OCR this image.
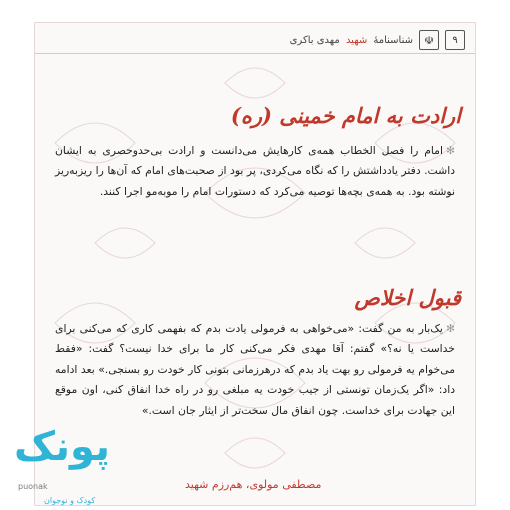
۹
☫
شناسنامهٔ شهید مهدی باکری
ارادت به امام خمینی (ره)
✻امام را فصل الخطاب همه‌ی کارهایش می‌دانست و ارادت بی‌حدوحصری به ایشان داشت. دفتر یادداشتش را که نگاه می‌کردی، پر بود از صحبت‌های امام که آن‌ها را ریزبه‌ریز نوشته بود. به همه‌ی بچه‌ها توصیه می‌کرد که دستورات امام را مو‌به‌مو اجرا کنند.
قبول اخلاص
✻یک‌بار به من گفت: «می‌خواهی به فرمولی یادت بدم که بفهمی کاری که می‌کنی برای خداست یا نه؟» گفتم: آقا مهدی فکر می‌کنی کار ما برای خدا نیست؟ گفت: «فقط می‌خوام یه فرمولی رو بهت یاد بدم که درهرزمانی بتونی کار خودت رو بسنجی.» بعد ادامه داد: «اگر یک‌زمان تونستی از جیب خودت یه مبلغی رو در راه خدا انفاق کنی، اون موقع این جهادت برای خداست. چون انفاق مال سخت‌تر از ایثار جان است.»
مصطفی مولوی، هم‌رزم شهید
پونک
puonak
کودک و نوجوان
